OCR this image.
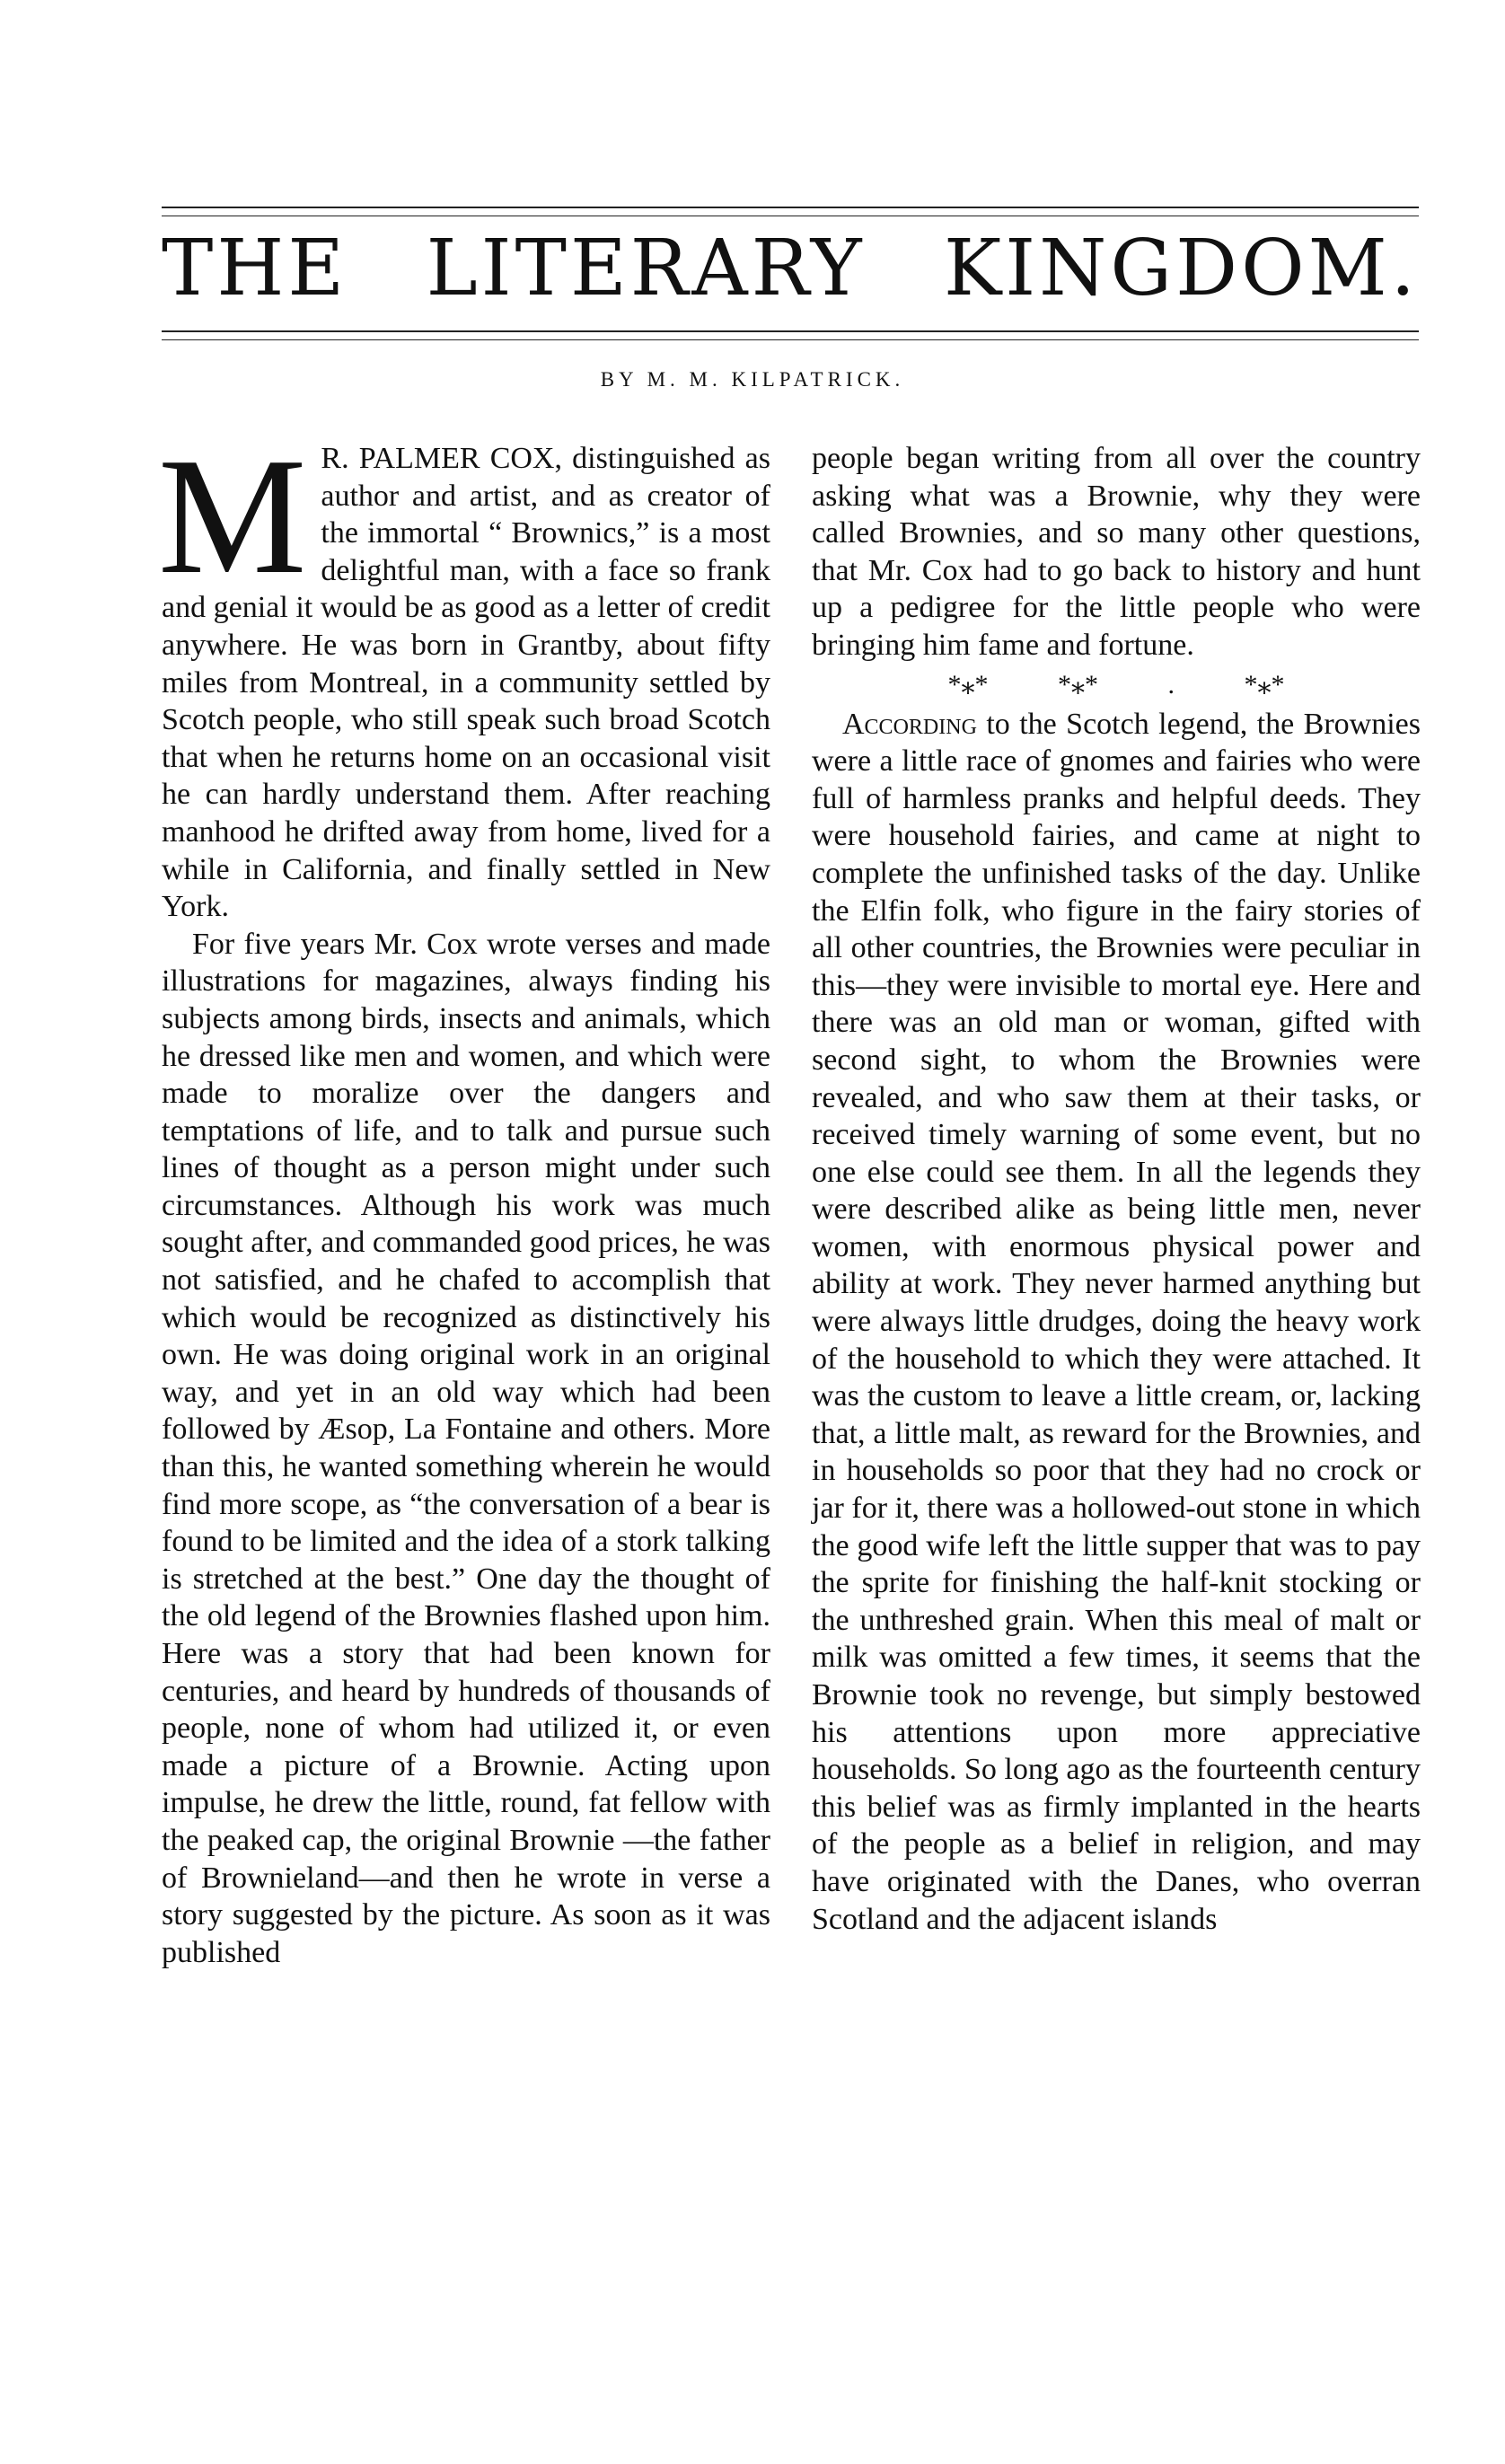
THE LITERARY KINGDOM.
BY M. M. KILPATRICK.

M R. PALMER COX, distinguished as author and artist, and as creator of the immortal “ Brownics,” is a most delightful man, with a face so frank and genial it would be as good as a letter of credit anywhere. He was born in Grantby, about fifty miles from Montreal, in a community settled by Scotch people, who still speak such broad Scotch that when he returns home on an occasional visit he can hardly understand them. After reaching manhood he drifted away from home, lived for a while in California, and finally settled in New York.

For five years Mr. Cox wrote verses and made illustrations for magazines, always finding his subjects among birds, insects and animals, which he dressed like men and women, and which were made to moralize over the dangers and temptations of life, and to talk and pursue such lines of thought as a person might under such circumstances. Although his work was much sought after, and commanded good prices, he was not satisfied, and he chafed to accomplish that which would be recognized as distinctively his own. He was doing original work in an original way, and yet in an old way which had been followed by Æsop, La Fontaine and others. More than this, he wanted something wherein he would find more scope, as “the conversation of a bear is found to be limited and the idea of a stork talking is stretched at the best.” One day the thought of the old legend of the Brownies flashed upon him. Here was a story that had been known for centuries, and heard by hundreds of thousands of people, none of whom had utilized it, or even made a picture of a Brownie. Acting upon impulse, he drew the little, round, fat fellow with the peaked cap, the original Brownie —the father of Brownieland—and then he wrote in verse a story suggested by the picture. As soon as it was published

people began writing from all over the country asking what was a Brownie, why they were called Brownies, and so many other questions, that Mr. Cox had to go back to history and hunt up a pedigree for the little people who were bringing him fame and fortune.

*⁎* *⁎* . *⁎*

According to the Scotch legend, the Brownies were a little race of gnomes and fairies who were full of harmless pranks and helpful deeds. They were household fairies, and came at night to complete the unfinished tasks of the day. Unlike the Elfin folk, who figure in the fairy stories of all other countries, the Brownies were peculiar in this—they were invisible to mortal eye. Here and there was an old man or woman, gifted with second sight, to whom the Brownies were revealed, and who saw them at their tasks, or received timely warning of some event, but no one else could see them. In all the legends they were described alike as being little men, never women, with enormous physical power and ability at work. They never harmed anything but were always little drudges, doing the heavy work of the household to which they were attached. It was the custom to leave a little cream, or, lacking that, a little malt, as reward for the Brownies, and in households so poor that they had no crock or jar for it, there was a hollowed-out stone in which the good wife left the little supper that was to pay the sprite for finishing the half-knit stocking or the unthreshed grain. When this meal of malt or milk was omitted a few times, it seems that the Brownie took no revenge, but simply bestowed his attentions upon more appreciative households. So long ago as the fourteenth century this belief was as firmly implanted in the hearts of the people as a belief in religion, and may have originated with the Danes, who overran Scotland and the adjacent islands
